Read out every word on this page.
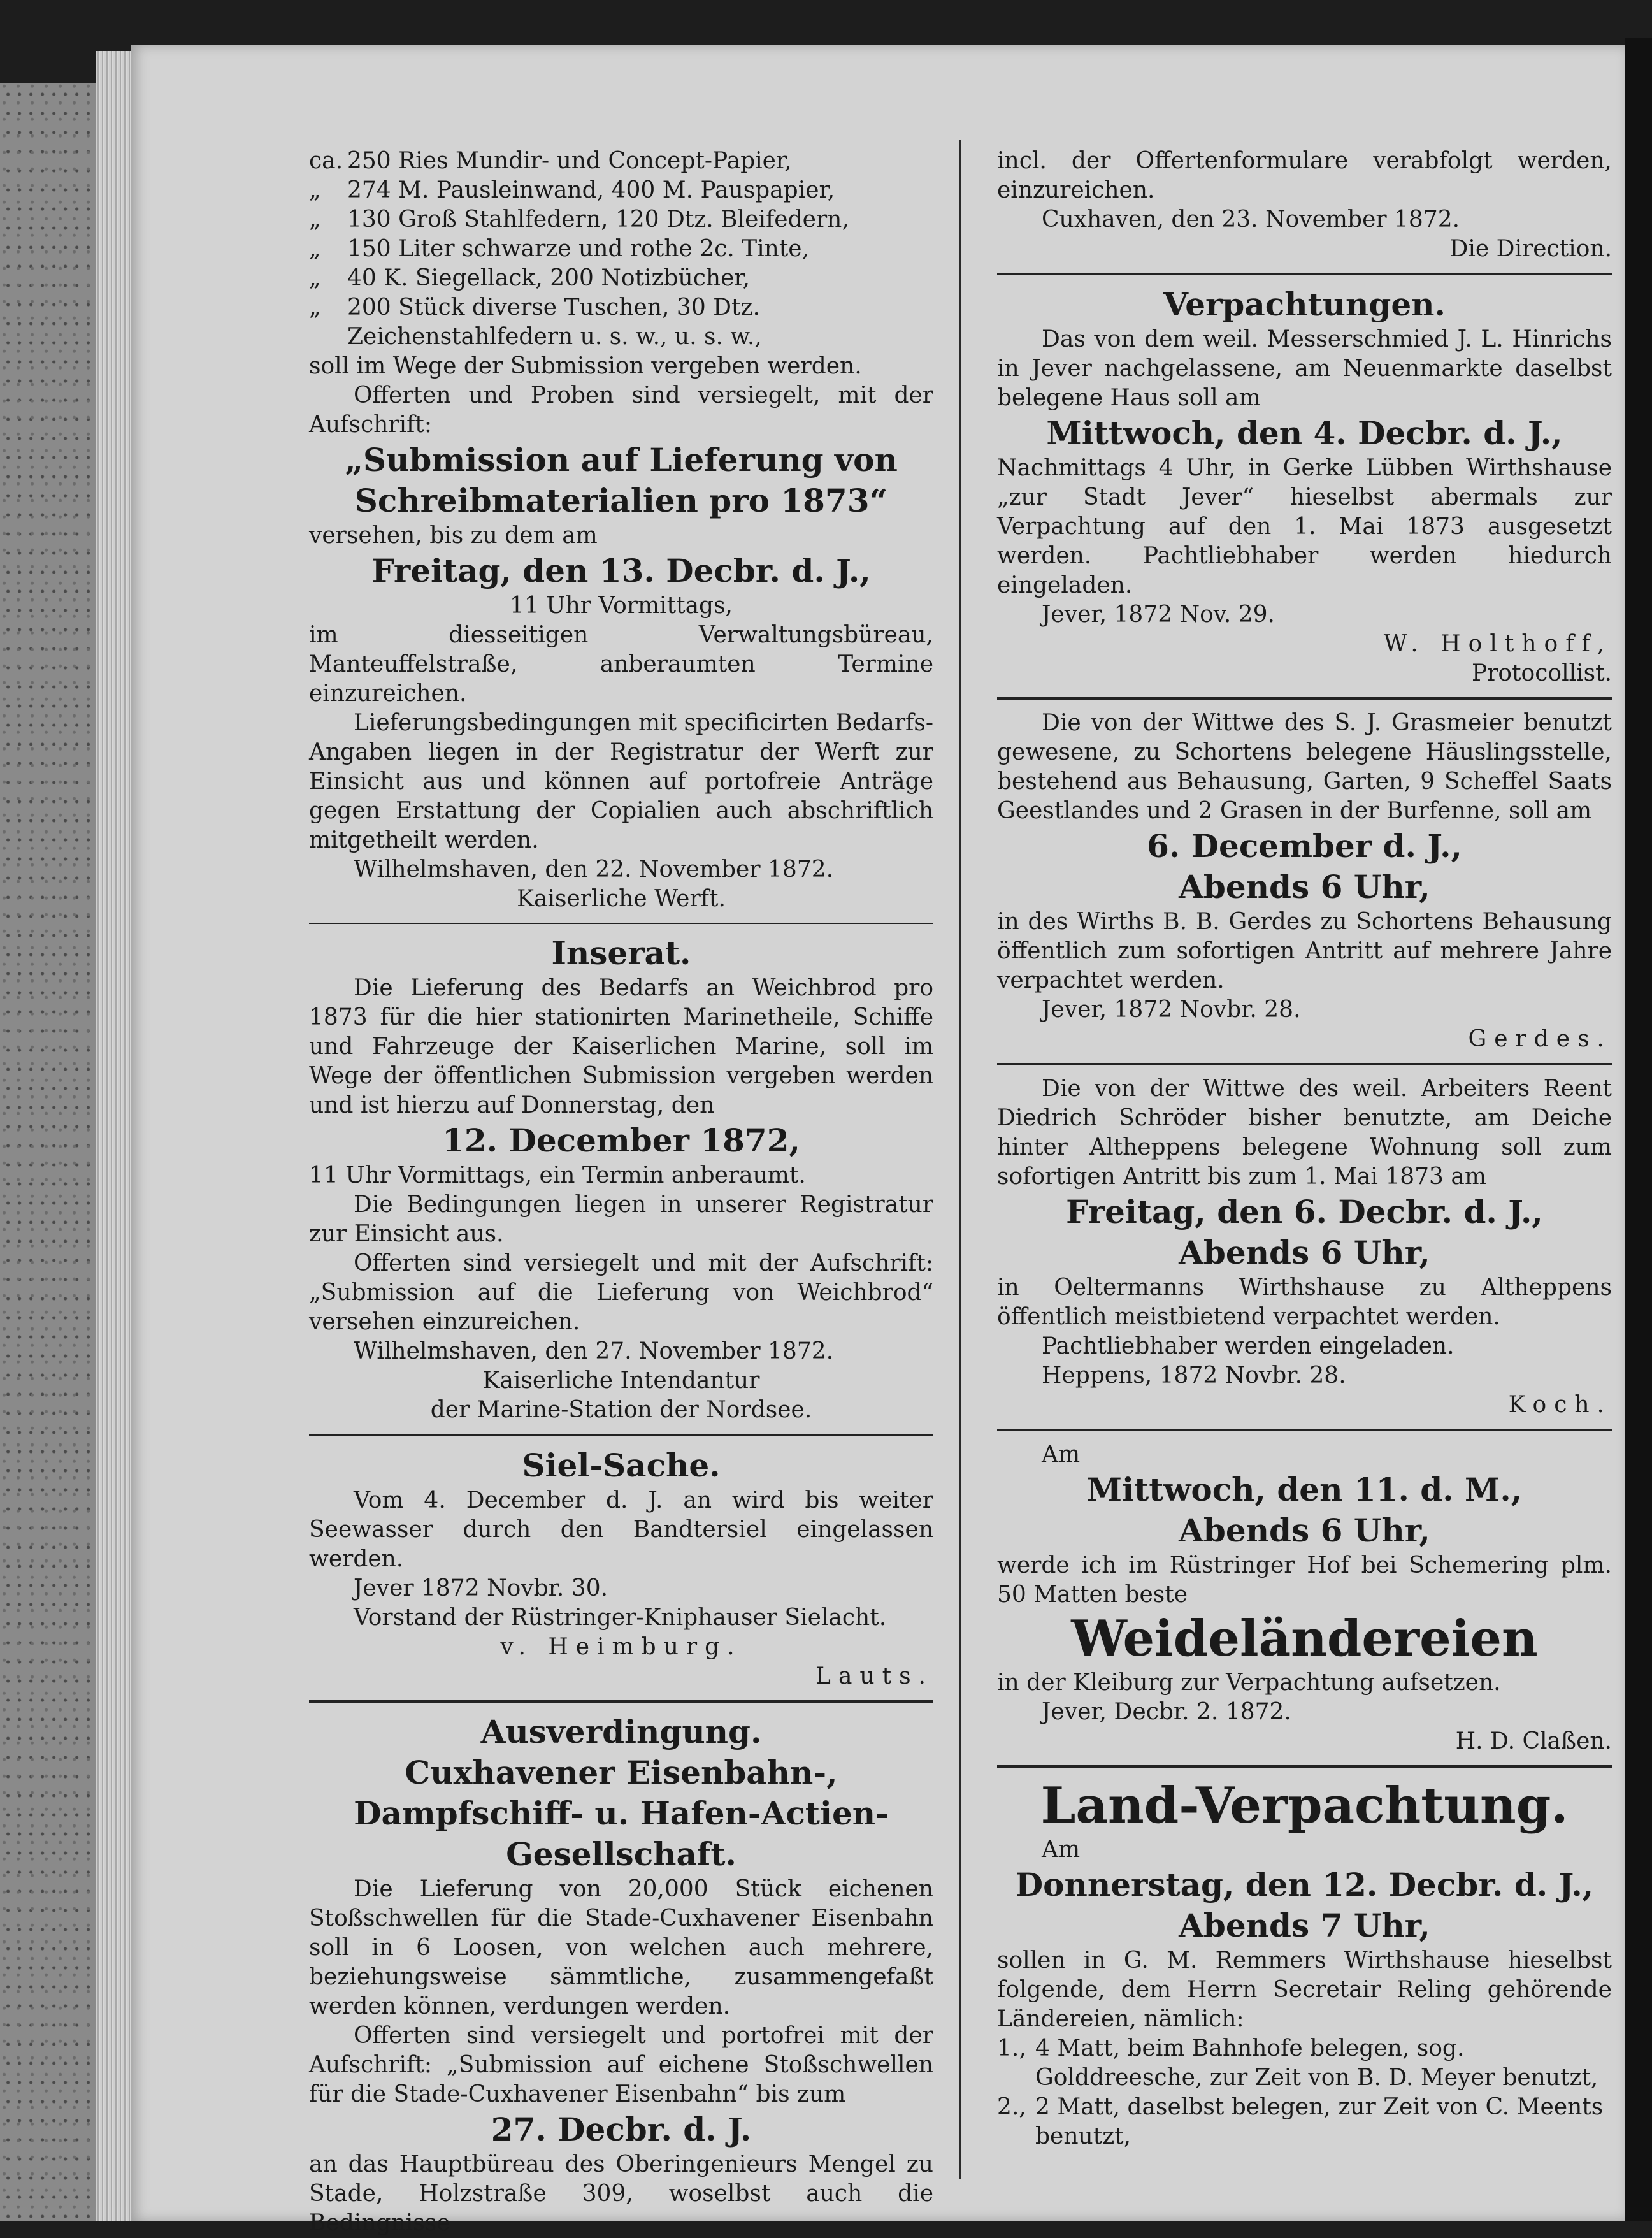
ca. 250 Ries Mundir- und Concept-Papier,
„	274 M. Pausleinwand, 400 M. Pauspapier,
„	130 Groß Stahlfedern, 120 Dtz. Bleifedern,
„	150 Liter schwarze und rothe 2c. Tinte,
„	40 K. Siegellack, 200 Notizbücher,
„	200 Stück diverse Tuschen, 30 Dtz. Zeichenstahlfedern u. s. w., u. s. w.,

soll im Wege der Submission vergeben werden.

Offerten und Proben sind versiegelt, mit der Aufschrift:

„Submission auf Lieferung von Schreibmaterialien pro 1873“

versehen, bis zu dem am

Freitag, den 13. Decbr. d. J.,

11 Uhr Vormittags,

im diesseitigen Verwaltungsbüreau, Manteuffelstraße, anberaumten Termine einzureichen.

Lieferungsbedingungen mit specificirten Bedarfs-Angaben liegen in der Registratur der Werft zur Einsicht aus und können auf portofreie Anträge gegen Erstattung der Copialien auch abschriftlich mitgetheilt werden.

Wilhelmshaven, den 22. November 1872.

Kaiserliche Werft.

Inserat.

Die Lieferung des Bedarfs an Weichbrod pro 1873 für die hier stationirten Marinetheile, Schiffe und Fahrzeuge der Kaiserlichen Marine, soll im Wege der öffentlichen Submission vergeben werden und ist hierzu auf Donnerstag, den

12. December 1872,

11 Uhr Vormittags, ein Termin anberaumt.

Die Bedingungen liegen in unserer Registratur zur Einsicht aus.

Offerten sind versiegelt und mit der Aufschrift: „Submission auf die Lieferung von Weichbrod“ versehen einzureichen.

Wilhelmshaven, den 27. November 1872.

Kaiserliche Intendantur

der Marine-Station der Nordsee.

Siel-Sache.

Vom 4. December d. J. an wird bis weiter Seewasser durch den Bandtersiel eingelassen werden.

Jever 1872 Novbr. 30.

Vorstand der Rüstringer-Kniphauser Sielacht.

v. Heimburg.

Lauts.

Ausverdingung.

Cuxhavener Eisenbahn-, Dampfschiff- u. Hafen-Actien-Gesellschaft.

Die Lieferung von 20,000 Stück eichenen Stoßschwellen für die Stade-Cuxhavener Eisenbahn soll in 6 Loosen, von welchen auch mehrere, beziehungsweise sämmtliche, zusammengefaßt werden können, verdungen werden.

Offerten sind versiegelt und portofrei mit der Aufschrift: „Submission auf eichene Stoßschwellen für die Stade-Cuxhavener Eisenbahn“ bis zum

27. Decbr. d. J.

an das Hauptbüreau des Oberingenieurs Mengel zu Stade, Holzstraße 309, woselbst auch die Bedingnisse

incl. der Offertenformulare verabfolgt werden, einzureichen.

Cuxhaven, den 23. November 1872.

Die Direction.

Verpachtungen.

Das von dem weil. Messerschmied J. L. Hinrichs in Jever nachgelassene, am Neuenmarkte daselbst belegene Haus soll am

Mittwoch, den 4. Decbr. d. J.,

Nachmittags 4 Uhr, in Gerke Lübben Wirthshause „zur Stadt Jever“ hieselbst abermals zur Verpachtung auf den 1. Mai 1873 ausgesetzt werden. Pachtliebhaber werden hiedurch eingeladen.

Jever, 1872 Nov. 29.

W. Holthoff,

Protocollist.

Die von der Wittwe des S. J. Grasmeier benutzt gewesene, zu Schortens belegene Häuslingsstelle, bestehend aus Behausung, Garten, 9 Scheffel Saats Geestlandes und 2 Grasen in der Burfenne, soll am

6. December d. J.,

Abends 6 Uhr,

in des Wirths B. B. Gerdes zu Schortens Behausung öffentlich zum sofortigen Antritt auf mehrere Jahre verpachtet werden.

Jever, 1872 Novbr. 28.

Gerdes.

Die von der Wittwe des weil. Arbeiters Reent Diedrich Schröder bisher benutzte, am Deiche hinter Altheppens belegene Wohnung soll zum sofortigen Antritt bis zum 1. Mai 1873 am

Freitag, den 6. Decbr. d. J.,

Abends 6 Uhr,

in Oeltermanns Wirthshause zu Altheppens öffentlich meistbietend verpachtet werden.

Pachtliebhaber werden eingeladen.

Heppens, 1872 Novbr. 28.

Koch.

Am

Mittwoch, den 11. d. M.,

Abends 6 Uhr,

werde ich im Rüstringer Hof bei Schemering plm. 50 Matten beste

Weideländereien

in der Kleiburg zur Verpachtung aufsetzen.

Jever, Decbr. 2. 1872.

H. D. Claßen.

Land-Verpachtung.

Am

Donnerstag, den 12. Decbr. d. J.,

Abends 7 Uhr,

sollen in G. M. Remmers Wirthshause hieselbst folgende, dem Herrn Secretair Reling gehörende Ländereien, nämlich:

1., 4 Matt, beim Bahnhofe belegen, sog. Golddreesche, zur Zeit von B. D. Meyer benutzt,
2., 2 Matt, daselbst belegen, zur Zeit von C. Meents benutzt,
